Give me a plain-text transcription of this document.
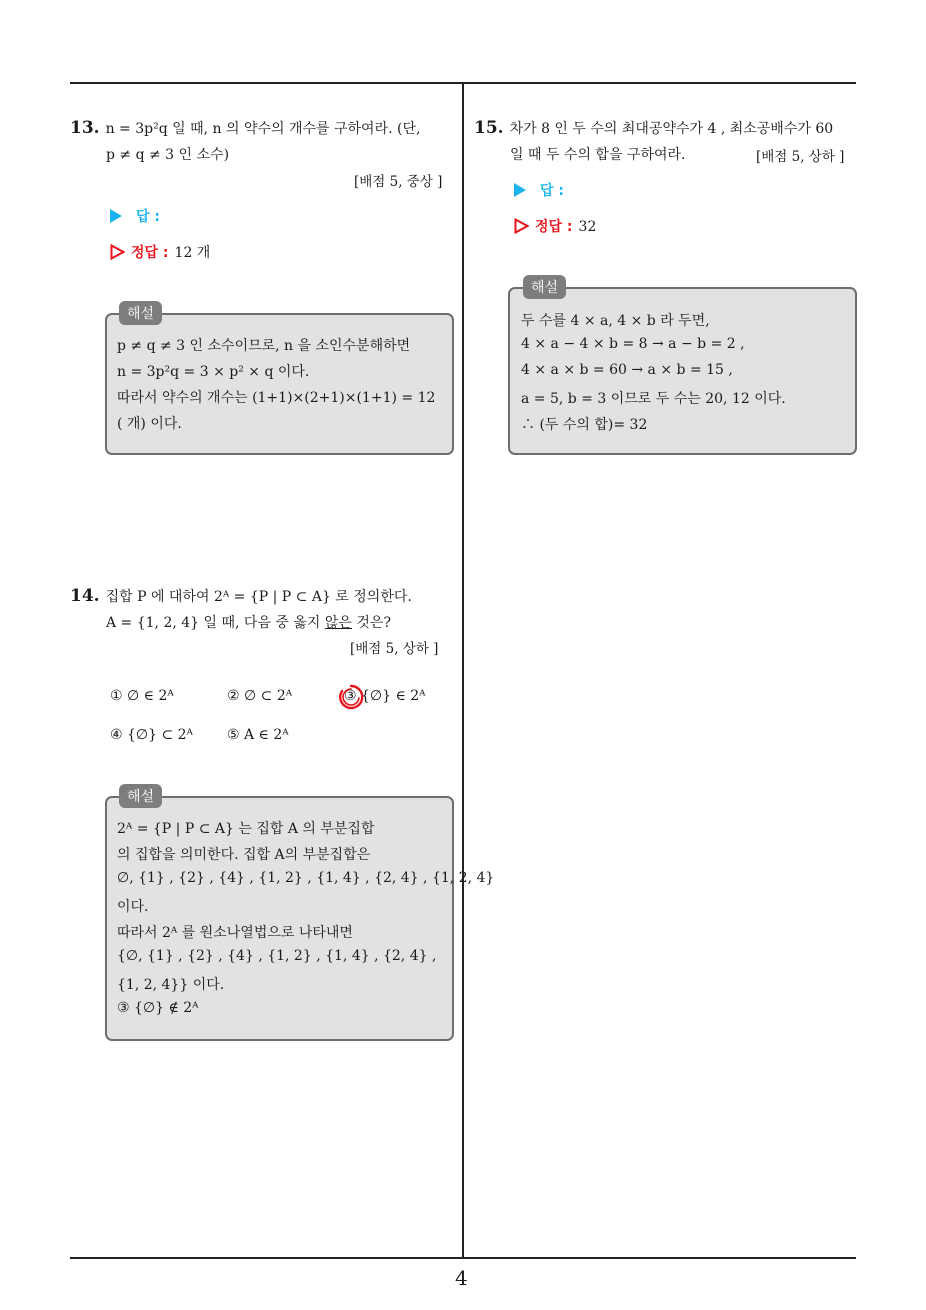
13. n = 3p²q 일 때, n 의 약수의 개수를 구하여라. (단,
p ≠ q ≠ 3 인 소수)
[배점 5, 중상 ]
답 :
정답 : 12 개
해설
p ≠ q ≠ 3 인 소수이므로, n 을 소인수분해하면
n = 3p²q = 3 × p² × q 이다.
따라서 약수의 개수는 (1+1)×(2+1)×(1+1) = 12
( 개) 이다.
14. 집합 P 에 대하여 2ᴬ = {P | P ⊂ A} 로 정의한다.
A = {1, 2, 4} 일 때, 다음 중 옳지 않은 것은?
[배점 5, 상하 ]
① ∅ ∈ 2ᴬ	② ∅ ⊂ 2ᴬ	③ {∅} ∈ 2ᴬ
④ {∅} ⊂ 2ᴬ ⑤ A ∈ 2ᴬ
해설
2ᴬ = {P | P ⊂ A} 는 집합 A 의 부분집합
의 집합을 의미한다. 집합 A의 부분집합은
∅, {1} , {2} , {4} , {1, 2} , {1, 4} , {2, 4} , {1, 2, 4}
이다.
따라서 2ᴬ 를 원소나열법으로 나타내면
{∅, {1} , {2} , {4} , {1, 2} , {1, 4} , {2, 4} ,
{1, 2, 4}} 이다.
③ {∅} ∉ 2ᴬ
15. 차가 8 인 두 수의 최대공약수가 4 , 최소공배수가 60
일 때 두 수의 합을 구하여라.	[배점 5, 상하 ]
답 :
정답 : 32
해설
두 수를 4 × a, 4 × b 라 두면,
4 × a − 4 × b = 8 → a − b = 2 ,
4 × a × b = 60 → a × b = 15 ,
a = 5, b = 3 이므로 두 수는 20, 12 이다.
∴ (두 수의 합)= 32
4
